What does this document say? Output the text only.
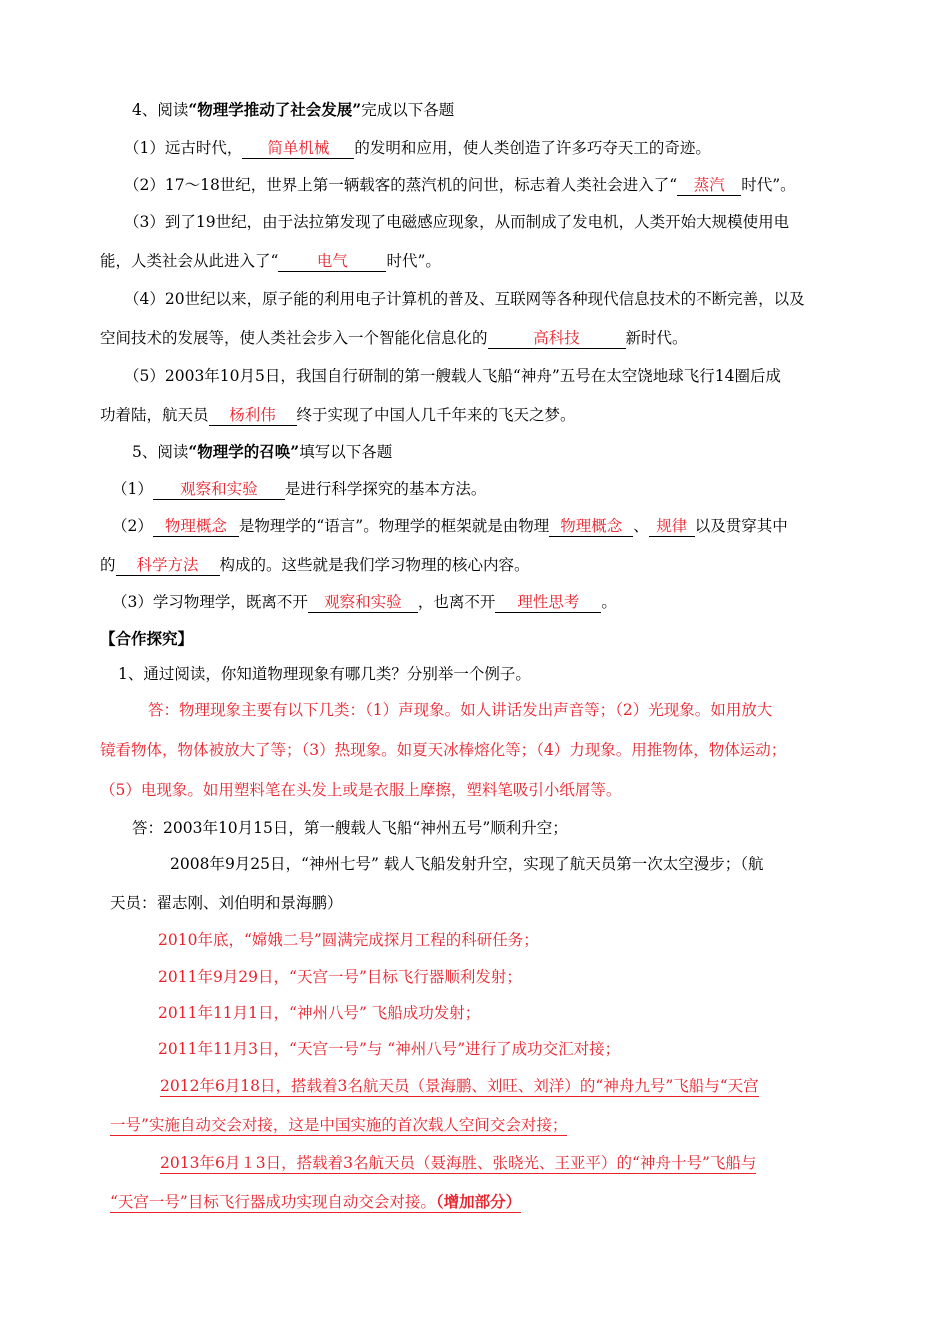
4、阅读“物理学推动了社会发展”完成以下各题
（1）远古时代， 简单机械 的发明和应用，使人类创造了许多巧夺天工的奇迹。
（2）17～18世纪，世界上第一辆载客的蒸汽机的问世，标志着人类社会进入了“ 蒸汽 时代”。
（3）到了19世纪，由于法拉第发现了电磁感应现象，从而制成了发电机，人类开始大规模使用电
能，人类社会从此进入了“ 电气 时代”。
（4）20世纪以来，原子能的利用电子计算机的普及、互联网等各种现代信息技术的不断完善，以及
空间技术的发展等，使人类社会步入一个智能化信息化的	高科技	新时代。
（5）2003年10月5日，我国自行研制的第一艘载人飞船“神舟”五号在太空饶地球飞行14圈后成
功着陆，航天员 杨利伟 终于实现了中国人几千年来的飞天之梦。
5、阅读“物理学的召唤”填写以下各题
（1） 观察和实验 是进行科学探究的基本方法。
（2） 物理概念 是物理学的“语言”。物理学的框架就是由物理 物理概念 、 规律 以及贯穿其中
的 科学方法 构成的。这些就是我们学习物理的核心内容。
（3）学习物理学，既离不开 观察和实验 ，也离不开 理性思考 。
【合作探究】
1、通过阅读，你知道物理现象有哪几类？分别举一个例子。
答：物理现象主要有以下几类：（1）声现象。如人讲话发出声音等；（2）光现象。如用放大
镜看物体，物体被放大了等；（3）热现象。如夏天冰棒熔化等；（4）力现象。用推物体，物体运动；
（5）电现象。如用塑料笔在头发上或是衣服上摩擦，塑料笔吸引小纸屑等。
答：2003年10月15日，第一艘载人飞船“神州五号”顺利升空；
2008年9月25日，“神州七号” 载人飞船发射升空，实现了航天员第一次太空漫步；（航
天员：翟志刚、刘伯明和景海鹏）
2010年底，“嫦娥二号”圆满完成探月工程的科研任务；
2011年9月29日，“天宫一号”目标飞行器顺利发射；
2011年11月1日，“神州八号” 飞船成功发射；
2011年11月3日，“天宫一号”与 “神州八号”进行了成功交汇对接；
2012年6月18日，搭载着3名航天员（景海鹏、刘旺、刘洋）的“神舟九号”飞船与“天宫
一号”实施自动交会对接，这是中国实施的首次载人空间交会对接；
2013年6月１3日，搭载着3名航天员（聂海胜、张晓光、王亚平）的“神舟十号”飞船与
“天宫一号”目标飞行器成功实现自动交会对接。（增加部分）
